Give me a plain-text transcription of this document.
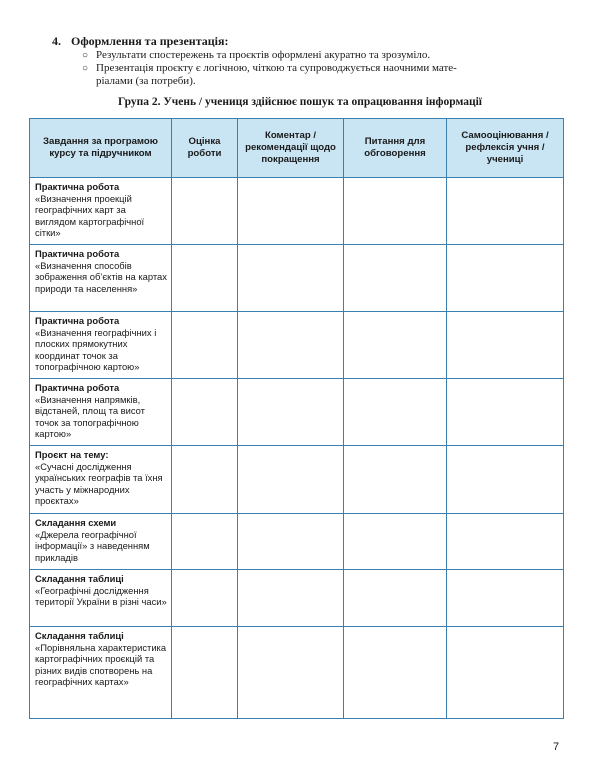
4. Оформлення та презентація:

○ Результати спостережень та проєктів оформлені акуратно та зрозуміло.
○ Презентація проєкту є логічною, чіткою та супроводжується наочними мате-
ріалами (за потреби).
Група 2. Учень / учениця здійснює пошук та опрацювання інформації
Завдання за програмою курсу та підручником	Оцінка роботи	Коментар / рекомендації щодо покращення	Питання для обговорення	Самооцінювання / рефлексія учня / учениці

Практична робота
«Визначення проекцій географічних карт за виглядом картографічної сітки»				

Практична робота
«Визначення способів зображення об’єктів на картах природи та населення»				

Практична робота
«Визначення географічних і плоских прямокутних координат точок за топографічною картою»				

Практична робота
«Визначення напрямків, відстаней, площ та висот точок за топографічною картою»				

Проєкт на тему:
«Сучасні дослідження українських географів та їхня участь у міжнародних проєктах»				

Складання схеми
«Джерела географічної інформації» з наведенням прикладів				

Складання таблиці
«Географічні дослідження території України в різні часи»				

Складання таблиці
«Порівняльна характеристика картографічних проєкцій та різних видів спотворень на географічних картах»				

7
